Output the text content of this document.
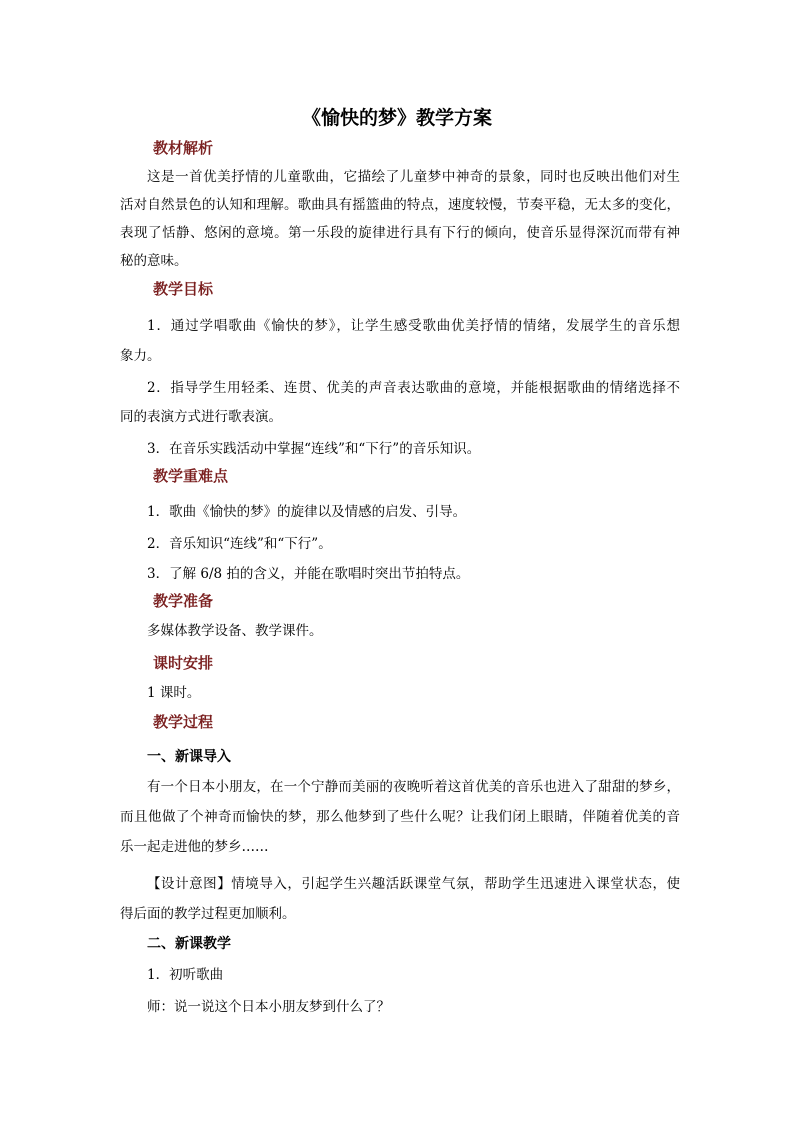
《愉快的梦》教学方案
教材解析
这是一首优美抒情的儿童歌曲，它描绘了儿童梦中神奇的景象，同时也反映出他们对生
活对自然景色的认知和理解。歌曲具有摇篮曲的特点，速度较慢，节奏平稳，无太多的变化，
表现了恬静、悠闲的意境。第一乐段的旋律进行具有下行的倾向，使音乐显得深沉而带有神
秘的意味。
教学目标
1．通过学唱歌曲《愉快的梦》，让学生感受歌曲优美抒情的情绪，发展学生的音乐想
象力。
2．指导学生用轻柔、连贯、优美的声音表达歌曲的意境，并能根据歌曲的情绪选择不
同的表演方式进行歌表演。
3．在音乐实践活动中掌握“连线”和“下行”的音乐知识。
教学重难点
1．歌曲《愉快的梦》的旋律以及情感的启发、引导。
2．音乐知识“连线”和“下行”。
3．了解 6/8 拍的含义，并能在歌唱时突出节拍特点。
教学准备
多媒体教学设备、教学课件。
课时安排
1 课时。
教学过程
一、新课导入
有一个日本小朋友，在一个宁静而美丽的夜晚听着这首优美的音乐也进入了甜甜的梦乡，
而且他做了个神奇而愉快的梦，那么他梦到了些什么呢？让我们闭上眼睛，伴随着优美的音
乐一起走进他的梦乡……
【设计意图】情境导入，引起学生兴趣活跃课堂气氛，帮助学生迅速进入课堂状态，使
得后面的教学过程更加顺利。
二、新课教学
1．初听歌曲
师：说一说这个日本小朋友梦到什么了？
